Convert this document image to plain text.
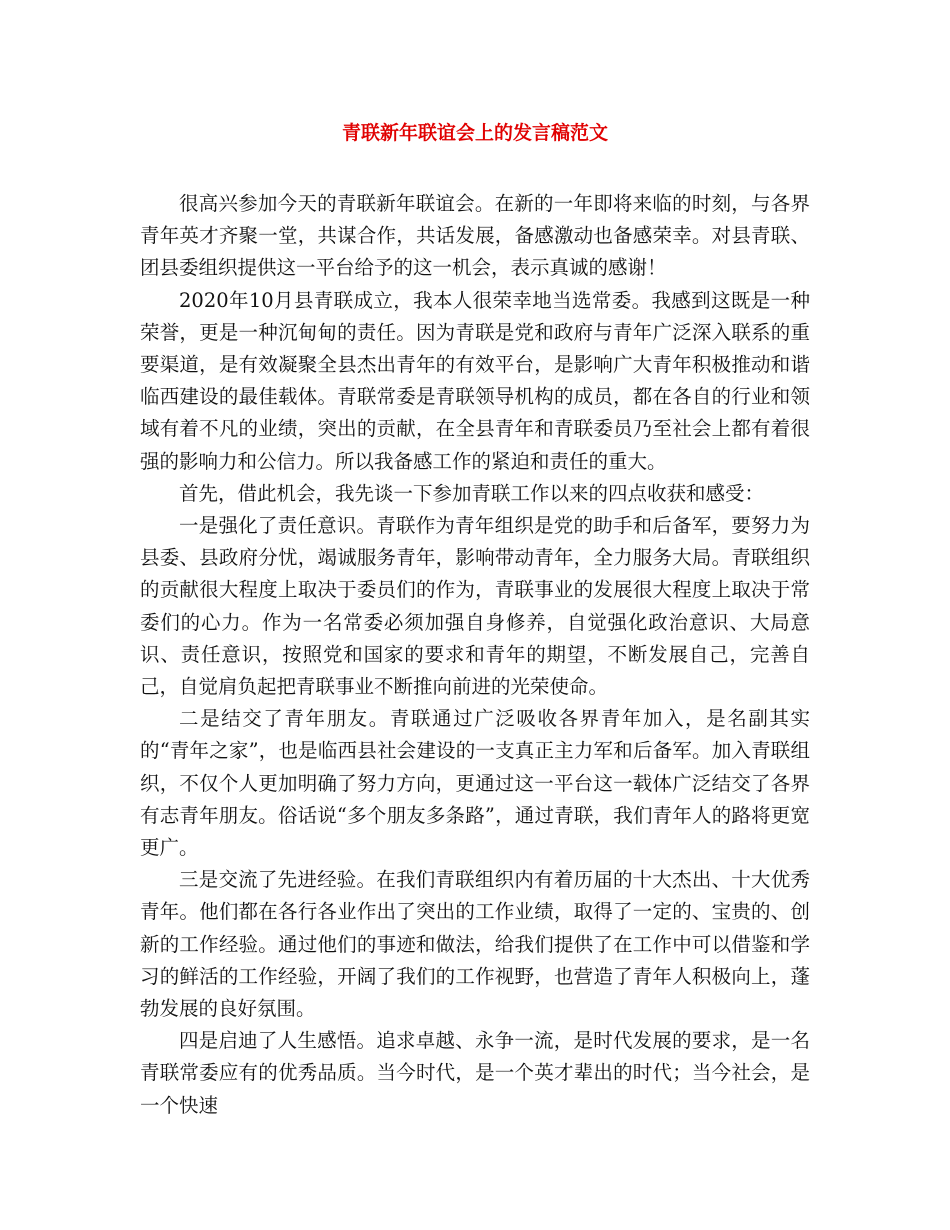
青联新年联谊会上的发言稿范文

很高兴参加今天的青联新年联谊会。在新的一年即将来临的时刻，与各界青年英才齐聚一堂，共谋合作，共话发展，备感激动也备感荣幸。对县青联、团县委组织提供这一平台给予的这一机会，表示真诚的感谢！

2020年10月县青联成立，我本人很荣幸地当选常委。我感到这既是一种荣誉，更是一种沉甸甸的责任。因为青联是党和政府与青年广泛深入联系的重要渠道，是有效凝聚全县杰出青年的有效平台，是影响广大青年积极推动和谐临西建设的最佳载体。青联常委是青联领导机构的成员，都在各自的行业和领域有着不凡的业绩，突出的贡献，在全县青年和青联委员乃至社会上都有着很强的影响力和公信力。所以我备感工作的紧迫和责任的重大。

首先，借此机会，我先谈一下参加青联工作以来的四点收获和感受：

一是强化了责任意识。青联作为青年组织是党的助手和后备军，要努力为县委、县政府分忧，竭诚服务青年，影响带动青年，全力服务大局。青联组织的贡献很大程度上取决于委员们的作为，青联事业的发展很大程度上取决于常委们的心力。作为一名常委必须加强自身修养，自觉强化政治意识、大局意识、责任意识，按照党和国家的要求和青年的期望，不断发展自己，完善自己，自觉肩负起把青联事业不断推向前进的光荣使命。

二是结交了青年朋友。青联通过广泛吸收各界青年加入，是名副其实的“青年之家”，也是临西县社会建设的一支真正主力军和后备军。加入青联组织，不仅个人更加明确了努力方向，更通过这一平台这一载体广泛结交了各界有志青年朋友。俗话说“多个朋友多条路”，通过青联，我们青年人的路将更宽更广。

三是交流了先进经验。在我们青联组织内有着历届的十大杰出、十大优秀青年。他们都在各行各业作出了突出的工作业绩，取得了一定的、宝贵的、创新的工作经验。通过他们的事迹和做法，给我们提供了在工作中可以借鉴和学习的鲜活的工作经验，开阔了我们的工作视野，也营造了青年人积极向上，蓬勃发展的良好氛围。

四是启迪了人生感悟。追求卓越、永争一流，是时代发展的要求，是一名青联常委应有的优秀品质。当今时代，是一个英才辈出的时代；当今社会，是一个快速
